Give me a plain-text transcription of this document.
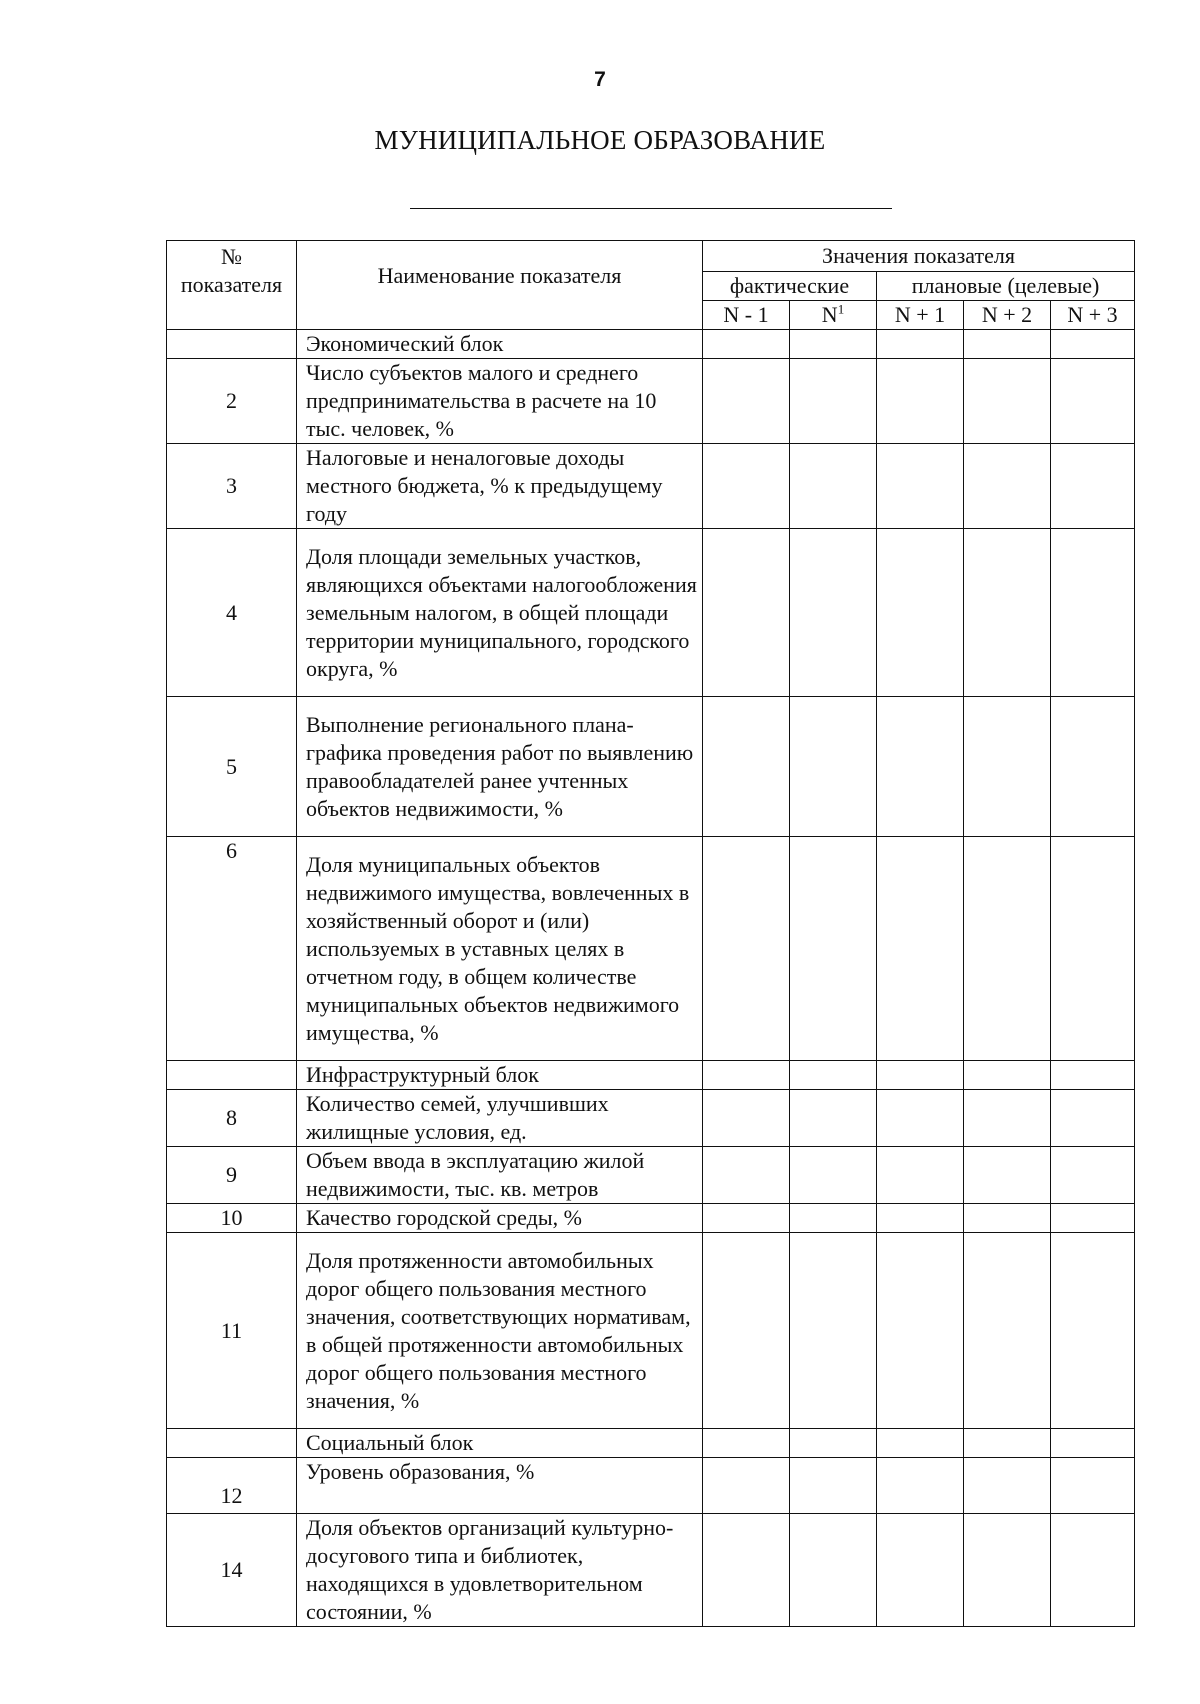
7
МУНИЦИПАЛЬНОЕ ОБРАЗОВАНИЕ
№
показателя	Наименование показателя	Значения показателя				
		фактические		плановые (целевые)		
		N - 1	$N^1$	N + 1	N + 2	N + 3
	Экономический блок					
2	Число субъектов малого и среднего предпринимательства в расчете на 10 тыс. человек, %					
3	Налоговые и неналоговые доходы местного бюджета, % к предыдущему году					
4	Доля площади земельных участков, являющихся объектами налогообложения земельным налогом, в общей площади территории муниципального, городского округа, %					
5	Выполнение регионального плана-графика проведения работ по выявлению правообладателей ранее учтенных объектов недвижимости, %					
6	Доля муниципальных объектов недвижимого имущества, вовлеченных в хозяйственный оборот и (или) используемых в уставных целях в отчетном году, в общем количестве муниципальных объектов недвижимого имущества, %					
	Инфраструктурный блок					
8	Количество семей, улучшивших жилищные условия, ед.					
9	Объем ввода в эксплуатацию жилой недвижимости, тыс. кв. метров					
10	Качество городской среды, %					
11	Доля протяженности автомобильных дорог общего пользования местного значения, соответствующих нормативам, в общей протяженности автомобильных дорог общего пользования местного значения, %					
	Социальный блок					
12	Уровень образования, %					
14	Доля объектов организаций культурно-досугового типа и библиотек, находящихся в удовлетворительном состоянии, %					
